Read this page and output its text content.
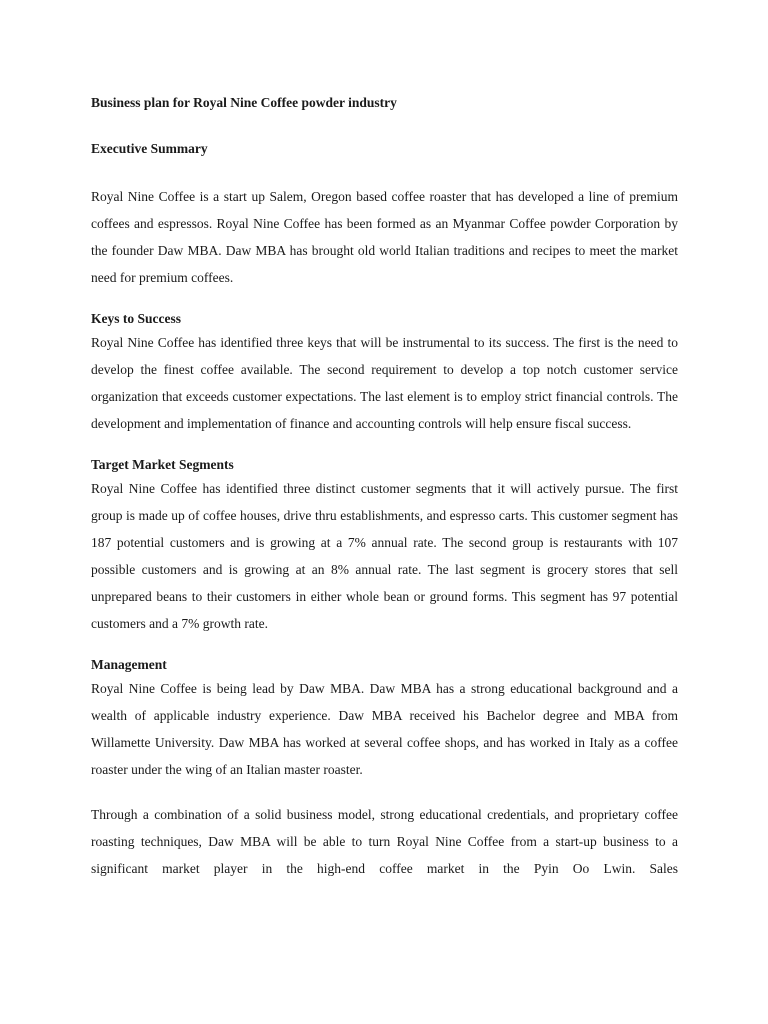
Business plan for Royal Nine Coffee powder industry
Executive Summary

Royal Nine Coffee is a start up Salem, Oregon based coffee roaster that has developed a line of premium coffees and espressos. Royal Nine Coffee has been formed as an Myanmar Coffee powder Corporation by the founder Daw MBA. Daw MBA has brought old world Italian traditions and recipes to meet the market need for premium coffees.

Keys to Success

Royal Nine Coffee has identified three keys that will be instrumental to its success. The first is the need to develop the finest coffee available. The second requirement to develop a top notch customer service organization that exceeds customer expectations. The last element is to employ strict financial controls. The development and implementation of finance and accounting controls will help ensure fiscal success.

Target Market Segments

Royal Nine Coffee has identified three distinct customer segments that it will actively pursue. The first group is made up of coffee houses, drive thru establishments, and espresso carts. This customer segment has 187 potential customers and is growing at a 7% annual rate. The second group is restaurants with 107 possible customers and is growing at an 8% annual rate. The last segment is grocery stores that sell unprepared beans to their customers in either whole bean or ground forms. This segment has 97 potential customers and a 7% growth rate.

Management

Royal Nine Coffee is being lead by Daw MBA. Daw MBA has a strong educational background and a wealth of applicable industry experience. Daw MBA received his Bachelor degree and MBA from Willamette University. Daw MBA has worked at several coffee shops, and has worked in Italy as a coffee roaster under the wing of an Italian master roaster.

Through a combination of a solid business model, strong educational credentials, and proprietary coffee roasting techniques, Daw MBA will be able to turn Royal Nine Coffee from a start-up business to a significant market player in the high-end coffee market in the Pyin Oo Lwin. Sales
